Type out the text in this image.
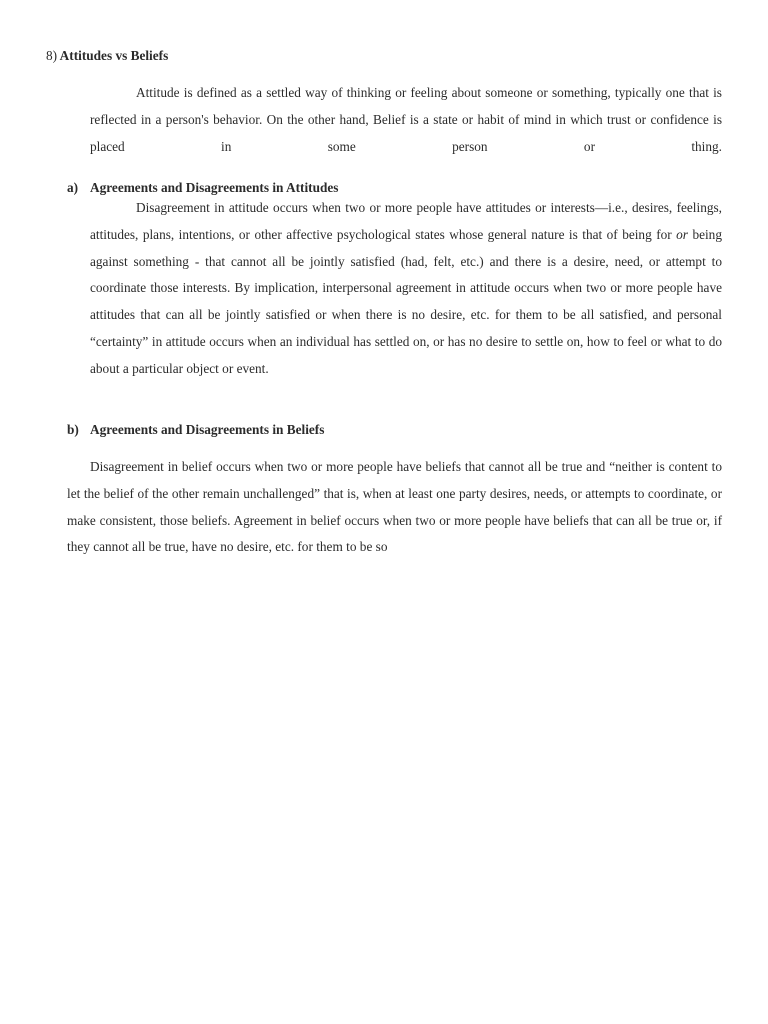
8) Attitudes vs Beliefs

Attitude is defined as a settled way of thinking or feeling about someone or something, typically one that is reflected in a person's behavior. On the other hand, Belief is a state or habit of mind in which trust or confidence is placed in some person or thing.

a) Agreements and Disagreements in Attitudes

Disagreement in attitude occurs when two or more people have attitudes or interests—i.e., desires, feelings, attitudes, plans, intentions, or other affective psychological states whose general nature is that of being for or being against something - that cannot all be jointly satisfied (had, felt, etc.) and there is a desire, need, or attempt to coordinate those interests. By implication, interpersonal agreement in attitude occurs when two or more people have attitudes that can all be jointly satisfied or when there is no desire, etc. for them to be all satisfied, and personal “certainty” in attitude occurs when an individual has settled on, or has no desire to settle on, how to feel or what to do about a particular object or event.

b) Agreements and Disagreements in Beliefs

Disagreement in belief occurs when two or more people have beliefs that cannot all be true and “neither is content to let the belief of the other remain unchallenged” that is, when at least one party desires, needs, or attempts to coordinate, or make consistent, those beliefs. Agreement in belief occurs when two or more people have beliefs that can all be true or, if they cannot all be true, have no desire, etc. for them to be so
